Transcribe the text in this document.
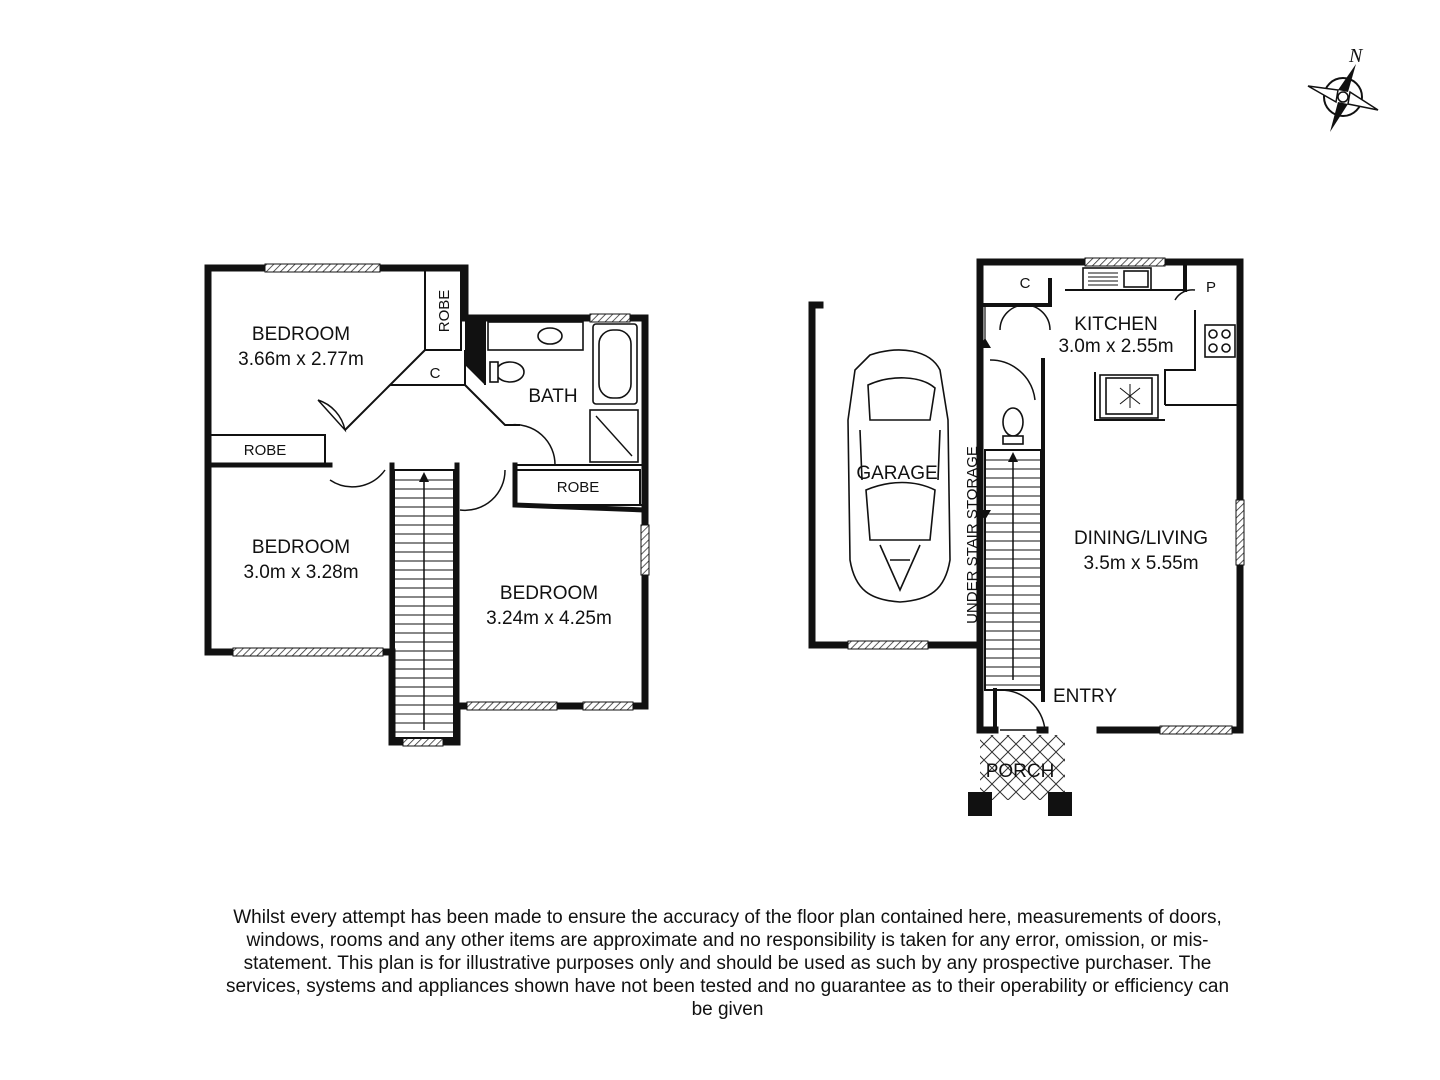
N
BEDROOM
3.66m x 2.77m
ROBE
C
BATH
ROBE
ROBE
BEDROOM
3.0m x 3.28m
BEDROOM
3.24m x 4.25m
GARAGE UNDER STAIR STORAGE
C	P
KITCHEN
3.0m x 2.55m
DINING/LIVING
3.5m x 5.55m
ENTRY
PORCH
Whilst every attempt has been made to ensure the accuracy of the floor plan contained here, measurements of doors, windows, rooms and any other items are approximate and no responsibility is taken for any error, omission, or mis-statement. This plan is for illustrative purposes only and should be used as such by any prospective purchaser. The services, systems and appliances shown have not been tested and no guarantee as to their operability or efficiency can be given
